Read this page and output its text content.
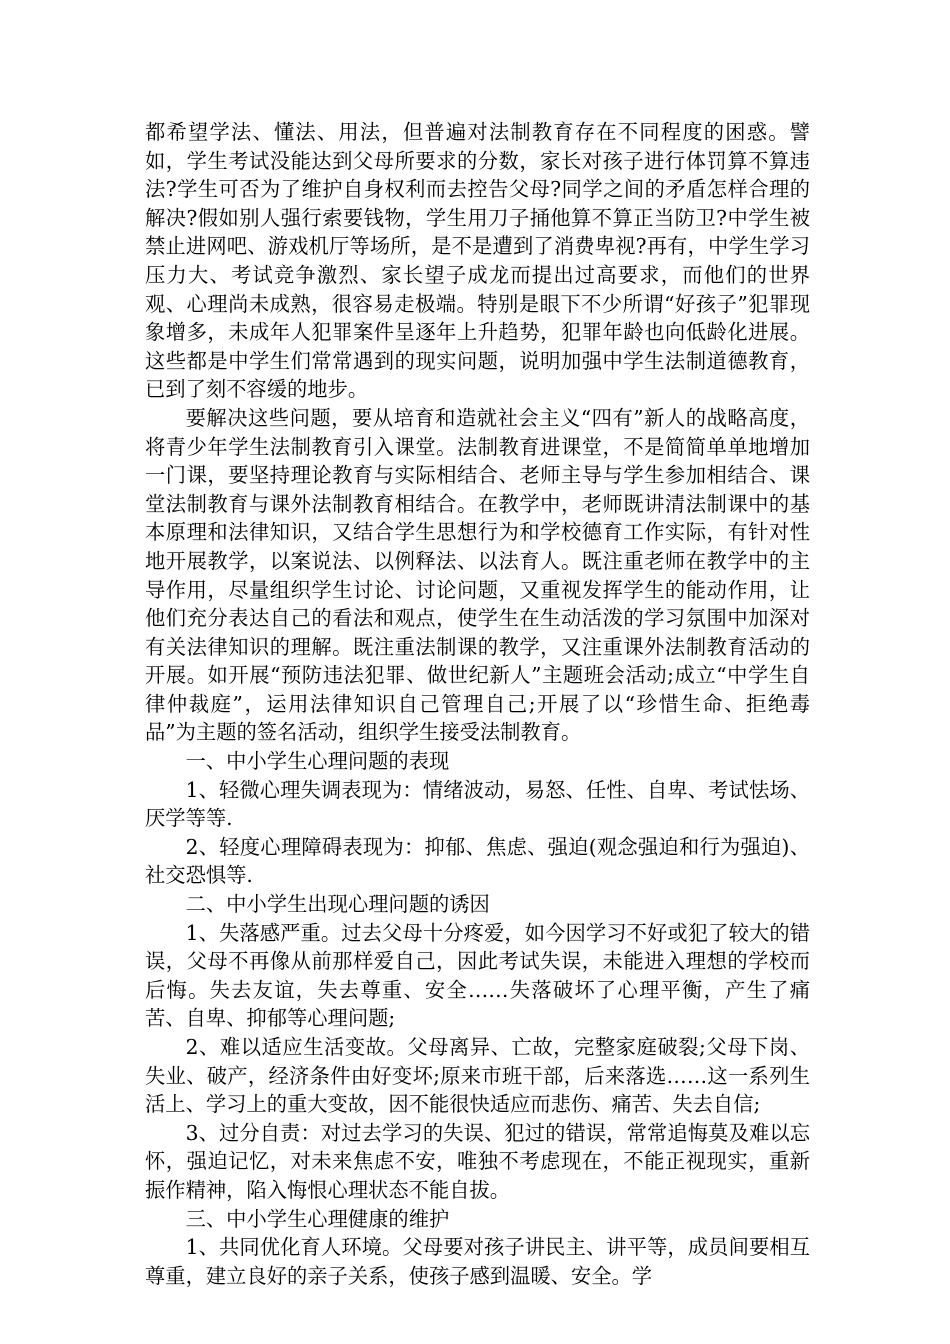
都希望学法、懂法、用法，但普遍对法制教育存在不同程度的困惑。譬如，学生考试没能达到父母所要求的分数，家长对孩子进行体罚算不算违法?学生可否为了维护自身权利而去控告父母?同学之间的矛盾怎样合理的解决?假如别人强行索要钱物，学生用刀子捅他算不算正当防卫?中学生被禁止进网吧、游戏机厅等场所，是不是遭到了消费卑视?再有，中学生学习压力大、考试竞争激烈、家长望子成龙而提出过高要求，而他们的世界观、心理尚未成熟，很容易走极端。特别是眼下不少所谓“好孩子”犯罪现象增多，未成年人犯罪案件呈逐年上升趋势，犯罪年龄也向低龄化进展。这些都是中学生们常常遇到的现实问题，说明加强中学生法制道德教育，已到了刻不容缓的地步。

要解决这些问题，要从培育和造就社会主义“四有”新人的战略高度，将青少年学生法制教育引入课堂。法制教育进课堂，不是简简单单地增加一门课，要坚持理论教育与实际相结合、老师主导与学生参加相结合、课堂法制教育与课外法制教育相结合。在教学中，老师既讲清法制课中的基本原理和法律知识，又结合学生思想行为和学校德育工作实际，有针对性地开展教学，以案说法、以例释法、以法育人。既注重老师在教学中的主导作用，尽量组织学生讨论、讨论问题，又重视发挥学生的能动作用，让他们充分表达自己的看法和观点，使学生在生动活泼的学习氛围中加深对有关法律知识的理解。既注重法制课的教学，又注重课外法制教育活动的开展。如开展“预防违法犯罪、做世纪新人”主题班会活动;成立“中学生自律仲裁庭”，运用法律知识自己管理自己;开展了以“珍惜生命、拒绝毒品”为主题的签名活动，组织学生接受法制教育。

一、中小学生心理问题的表现

1、轻微心理失调表现为：情绪波动，易怒、任性、自卑、考试怯场、厌学等等.

2、轻度心理障碍表现为：抑郁、焦虑、强迫(观念强迫和行为强迫)、社交恐惧等.

二、中小学生出现心理问题的诱因

1、失落感严重。过去父母十分疼爱，如今因学习不好或犯了较大的错误，父母不再像从前那样爱自己，因此考试失误，未能进入理想的学校而后悔。失去友谊，失去尊重、安全……失落破坏了心理平衡，产生了痛苦、自卑、抑郁等心理问题;

2、难以适应生活变故。父母离异、亡故，完整家庭破裂;父母下岗、失业、破产，经济条件由好变坏;原来市班干部，后来落选……这一系列生活上、学习上的重大变故，因不能很快适应而悲伤、痛苦、失去自信;

3、过分自责：对过去学习的失误、犯过的错误，常常追悔莫及难以忘怀，强迫记忆，对未来焦虑不安，唯独不考虑现在，不能正视现实，重新振作精神，陷入悔恨心理状态不能自拔。

三、中小学生心理健康的维护

1、共同优化育人环境。父母要对孩子讲民主、讲平等，成员间要相互尊重，建立良好的亲子关系，使孩子感到温暖、安全。学
